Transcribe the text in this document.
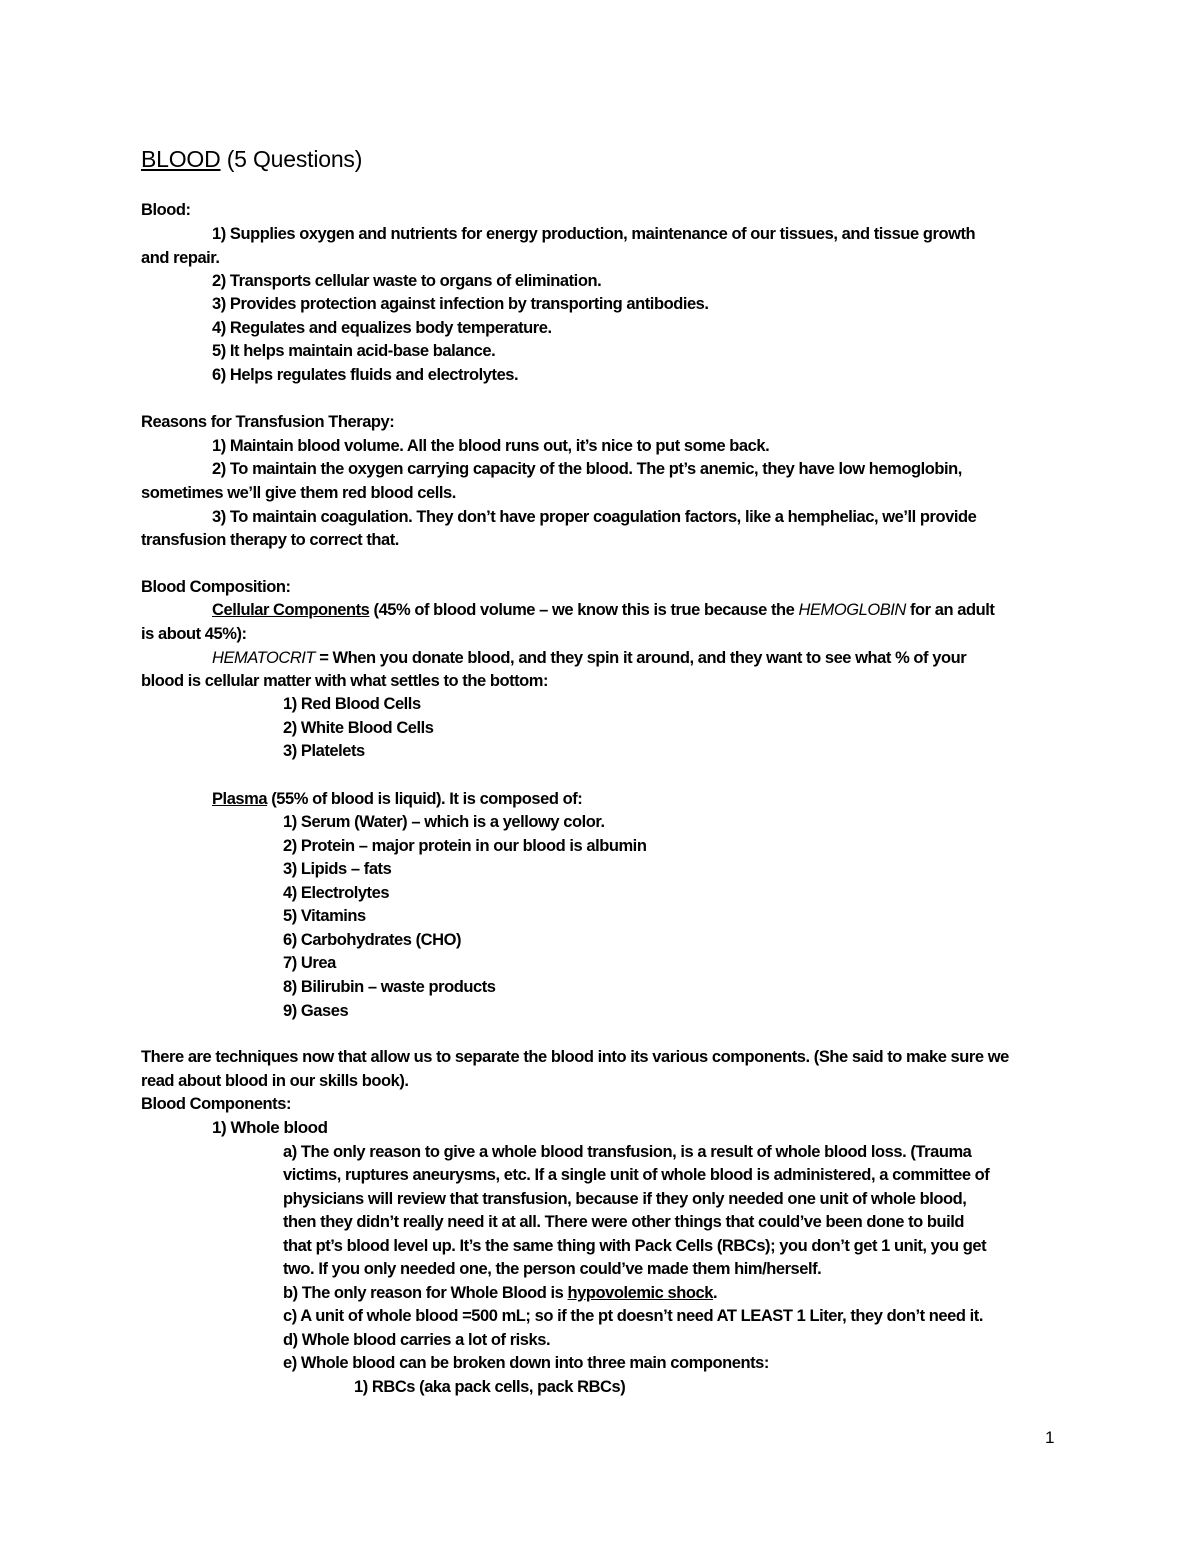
BLOOD (5 Questions)
Blood:
1) Supplies oxygen and nutrients for energy production, maintenance of our tissues, and tissue growth
and repair.
2) Transports cellular waste to organs of elimination.
3) Provides protection against infection by transporting antibodies.
4) Regulates and equalizes body temperature.
5) It helps maintain acid-base balance.
6) Helps regulates fluids and electrolytes.
Reasons for Transfusion Therapy:
1) Maintain blood volume. All the blood runs out, it’s nice to put some back.
2) To maintain the oxygen carrying capacity of the blood. The pt’s anemic, they have low hemoglobin,
sometimes we’ll give them red blood cells.
3) To maintain coagulation. They don’t have proper coagulation factors, like a hempheliac, we’ll provide
transfusion therapy to correct that.
Blood Composition:
Cellular Components (45% of blood volume – we know this is true because the HEMOGLOBIN for an adult
is about 45%):
HEMATOCRIT = When you donate blood, and they spin it around, and they want to see what % of your
blood is cellular matter with what settles to the bottom:
1) Red Blood Cells
2) White Blood Cells
3) Platelets
Plasma (55% of blood is liquid). It is composed of:
1) Serum (Water) – which is a yellowy color.
2) Protein – major protein in our blood is albumin
3) Lipids – fats
4) Electrolytes
5) Vitamins
6) Carbohydrates (CHO)
7) Urea
8) Bilirubin – waste products
9) Gases
There are techniques now that allow us to separate the blood into its various components. (She said to make sure we
read about blood in our skills book).
Blood Components:
1) Whole blood
a) The only reason to give a whole blood transfusion, is a result of whole blood loss. (Trauma
victims, ruptures aneurysms, etc. If a single unit of whole blood is administered, a committee of
physicians will review that transfusion, because if they only needed one unit of whole blood,
then they didn’t really need it at all. There were other things that could’ve been done to build
that pt’s blood level up. It’s the same thing with Pack Cells (RBCs); you don’t get 1 unit, you get
two. If you only needed one, the person could’ve made them him/herself.
b) The only reason for Whole Blood is hypovolemic shock.
c) A unit of whole blood =500 mL; so if the pt doesn’t need AT LEAST 1 Liter, they don’t need it.
d) Whole blood carries a lot of risks.
e) Whole blood can be broken down into three main components:
1) RBCs (aka pack cells, pack RBCs)
1
